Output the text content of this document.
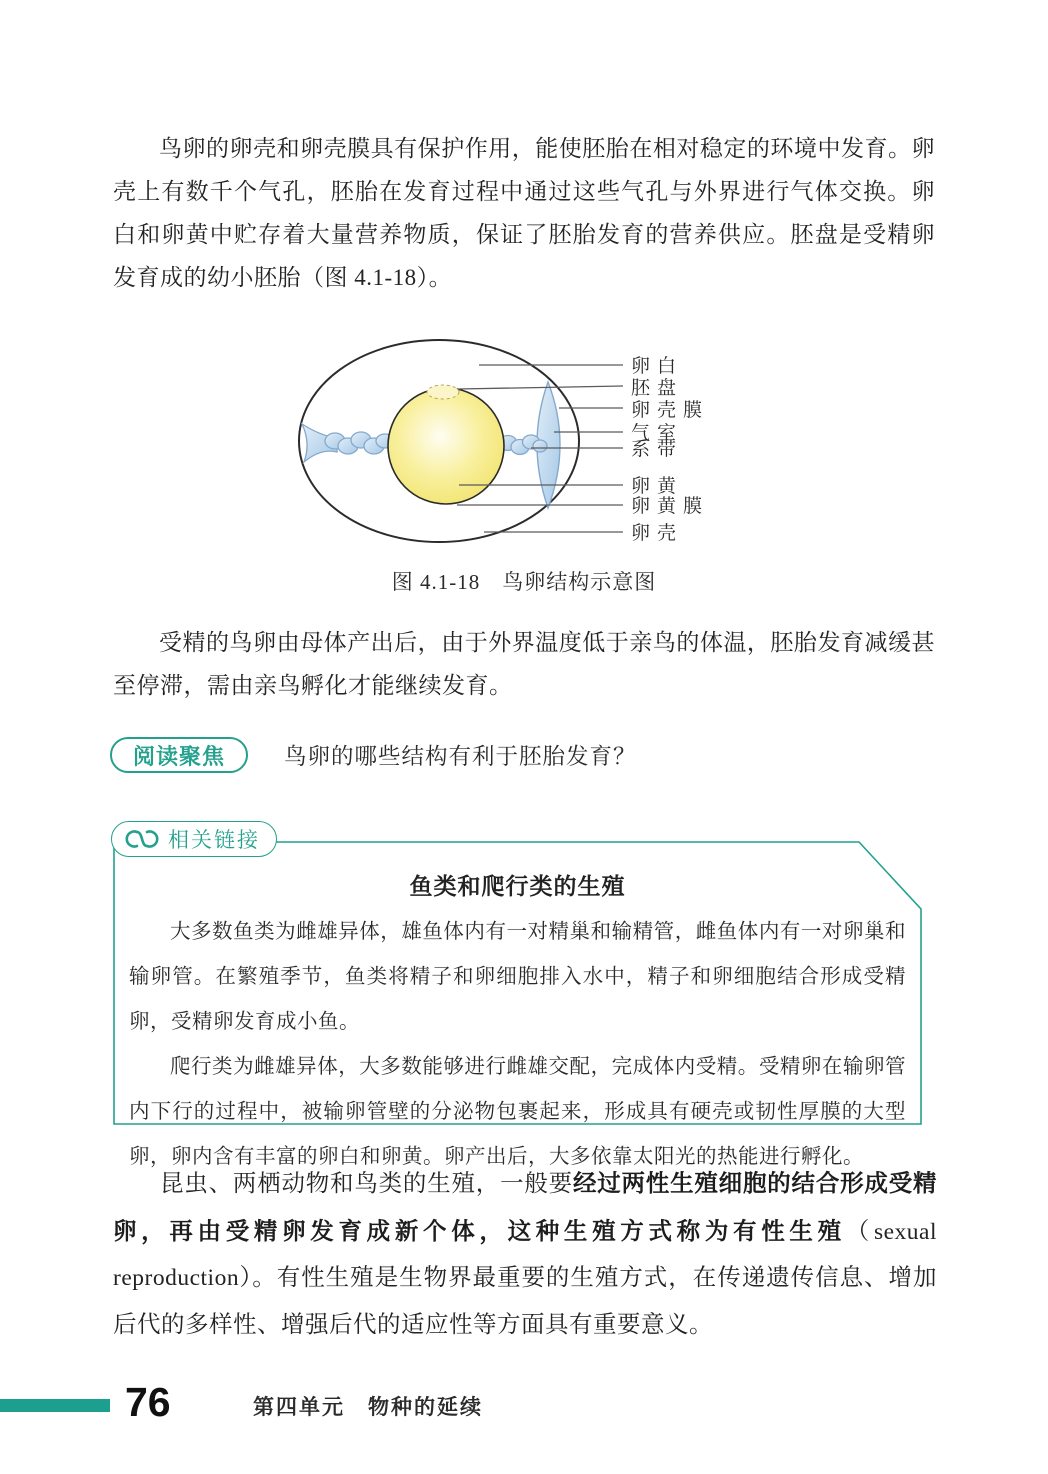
鸟卵的卵壳和卵壳膜具有保护作用，能使胚胎在相对稳定的环境中发育。卵壳上有数千个气孔，胚胎在发育过程中通过这些气孔与外界进行气体交换。卵白和卵黄中贮存着大量营养物质，保证了胚胎发育的营养供应。胚盘是受精卵发育成的幼小胚胎（图 4.1-18）。
卵白
胚盘
卵壳膜
气室
系带
卵黄
卵黄膜
卵壳
图 4.1-18　鸟卵结构示意图
受精的鸟卵由母体产出后，由于外界温度低于亲鸟的体温，胚胎发育减缓甚至停滞，需由亲鸟孵化才能继续发育。
阅读聚焦	鸟卵的哪些结构有利于胚胎发育？
相关链接
鱼类和爬行类的生殖
大多数鱼类为雌雄异体，雄鱼体内有一对精巢和输精管，雌鱼体内有一对卵巢和输卵管。在繁殖季节，鱼类将精子和卵细胞排入水中，精子和卵细胞结合形成受精卵，受精卵发育成小鱼。
爬行类为雌雄异体，大多数能够进行雌雄交配，完成体内受精。受精卵在输卵管内下行的过程中，被输卵管壁的分泌物包裹起来，形成具有硬壳或韧性厚膜的大型卵，卵内含有丰富的卵白和卵黄。卵产出后，大多依靠太阳光的热能进行孵化。
昆虫、两栖动物和鸟类的生殖，一般要经过两性生殖细胞的结合形成受精卵，再由受精卵发育成新个体，这种生殖方式称为有性生殖（sexual reproduction）。有性生殖是生物界最重要的生殖方式，在传递遗传信息、增加后代的多样性、增强后代的适应性等方面具有重要意义。
76	第四单元　物种的延续
